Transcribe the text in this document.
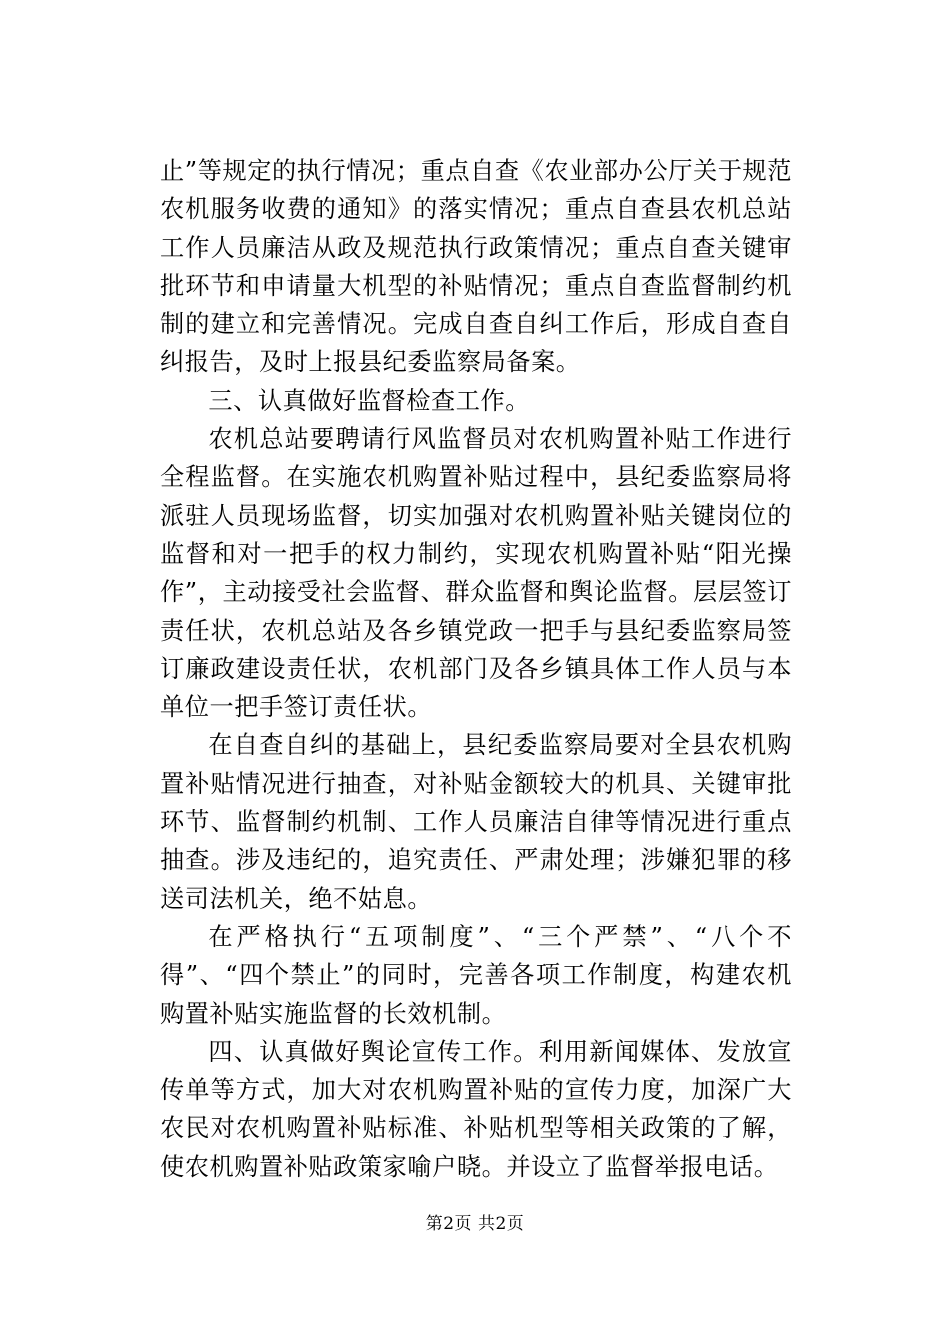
止”等规定的执行情况；重点自查《农业部办公厅关于规范农机服务收费的通知》的落实情况；重点自查县农机总站工作人员廉洁从政及规范执行政策情况；重点自查关键审批环节和申请量大机型的补贴情况；重点自查监督制约机制的建立和完善情况。完成自查自纠工作后，形成自查自纠报告，及时上报县纪委监察局备案。

三、认真做好监督检查工作。

农机总站要聘请行风监督员对农机购置补贴工作进行全程监督。在实施农机购置补贴过程中，县纪委监察局将派驻人员现场监督，切实加强对农机购置补贴关键岗位的监督和对一把手的权力制约，实现农机购置补贴“阳光操作”，主动接受社会监督、群众监督和舆论监督。层层签订责任状，农机总站及各乡镇党政一把手与县纪委监察局签订廉政建设责任状，农机部门及各乡镇具体工作人员与本单位一把手签订责任状。

在自查自纠的基础上，县纪委监察局要对全县农机购置补贴情况进行抽查，对补贴金额较大的机具、关键审批环节、监督制约机制、工作人员廉洁自律等情况进行重点抽查。涉及违纪的，追究责任、严肃处理；涉嫌犯罪的移送司法机关，绝不姑息。

在严格执行“五项制度”、“三个严禁”、“八个不得”、“四个禁止”的同时，完善各项工作制度，构建农机购置补贴实施监督的长效机制。

四、认真做好舆论宣传工作。利用新闻媒体、发放宣传单等方式，加大对农机购置补贴的宣传力度，加深广大农民对农机购置补贴标准、补贴机型等相关政策的了解，使农机购置补贴政策家喻户晓。并设立了监督举报电话。

第2页 共2页
